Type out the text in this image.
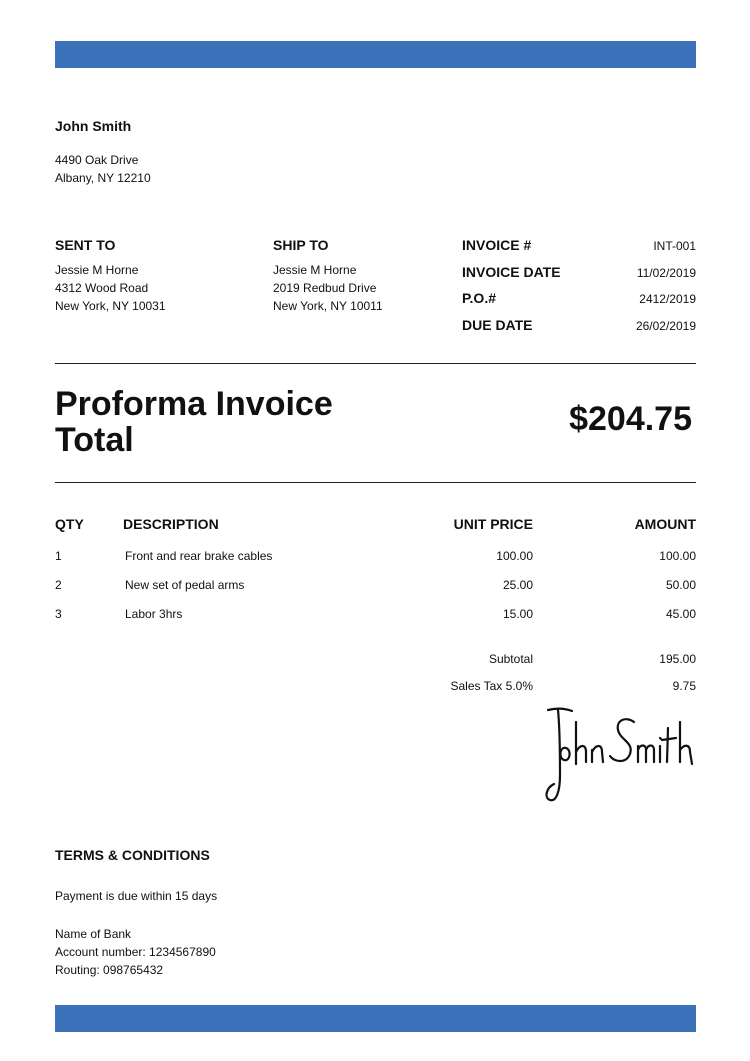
John Smith
4490 Oak Drive
Albany, NY 12210
SENT TO
Jessie M Horne
4312 Wood Road
New York, NY 10031
SHIP TO
Jessie M Horne
2019 Redbud Drive
New York, NY 10011
INVOICE #	INT-001
INVOICE DATE	11/02/2019
P.O.#	2412/2019
DUE DATE	26/02/2019
Proforma Invoice
Total
$204.75
QTY	DESCRIPTION	UNIT PRICE	AMOUNT
1	Front and rear brake cables	100.00	100.00
2	New set of pedal arms	25.00	50.00
3	Labor 3hrs	15.00	45.00
Subtotal	195.00
Sales Tax 5.0%	9.75
TERMS & CONDITIONS
Payment is due within 15 days
Name of Bank
Account number: 1234567890
Routing: 098765432
